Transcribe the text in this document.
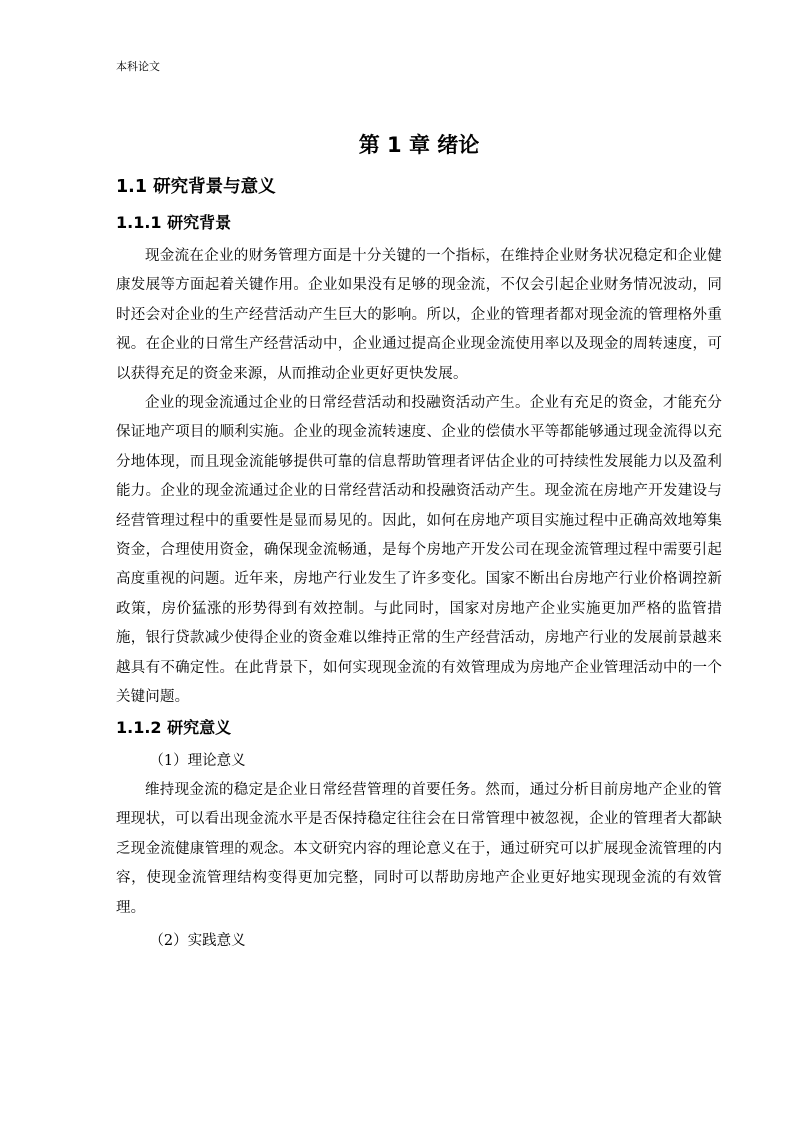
本科论文
第 1 章 绪论
1.1 研究背景与意义
1.1.1 研究背景

现金流在企业的财务管理方面是十分关键的一个指标，在维持企业财务状况稳定和企业健康发展等方面起着关键作用。企业如果没有足够的现金流，不仅会引起企业财务情况波动，同时还会对企业的生产经营活动产生巨大的影响。所以，企业的管理者都对现金流的管理格外重视。在企业的日常生产经营活动中，企业通过提高企业现金流使用率以及现金的周转速度，可以获得充足的资金来源，从而推动企业更好更快发展。

企业的现金流通过企业的日常经营活动和投融资活动产生。企业有充足的资金，才能充分保证地产项目的顺利实施。企业的现金流转速度、企业的偿债水平等都能够通过现金流得以充分地体现，而且现金流能够提供可靠的信息帮助管理者评估企业的可持续性发展能力以及盈利能力。企业的现金流通过企业的日常经营活动和投融资活动产生。现金流在房地产开发建设与经营管理过程中的重要性是显而易见的。因此，如何在房地产项目实施过程中正确高效地筹集资金，合理使用资金，确保现金流畅通，是每个房地产开发公司在现金流管理过程中需要引起高度重视的问题。近年来，房地产行业发生了许多变化。国家不断出台房地产行业价格调控新政策，房价猛涨的形势得到有效控制。与此同时，国家对房地产企业实施更加严格的监管措施，银行贷款减少使得企业的资金难以维持正常的生产经营活动，房地产行业的发展前景越来越具有不确定性。在此背景下，如何实现现金流的有效管理成为房地产企业管理活动中的一个关键问题。

1.1.2 研究意义

（1）理论意义

维持现金流的稳定是企业日常经营管理的首要任务。然而，通过分析目前房地产企业的管理现状，可以看出现金流水平是否保持稳定往往会在日常管理中被忽视，企业的管理者大都缺乏现金流健康管理的观念。本文研究内容的理论意义在于，通过研究可以扩展现金流管理的内容，使现金流管理结构变得更加完整，同时可以帮助房地产企业更好地实现现金流的有效管理。

（2）实践意义
